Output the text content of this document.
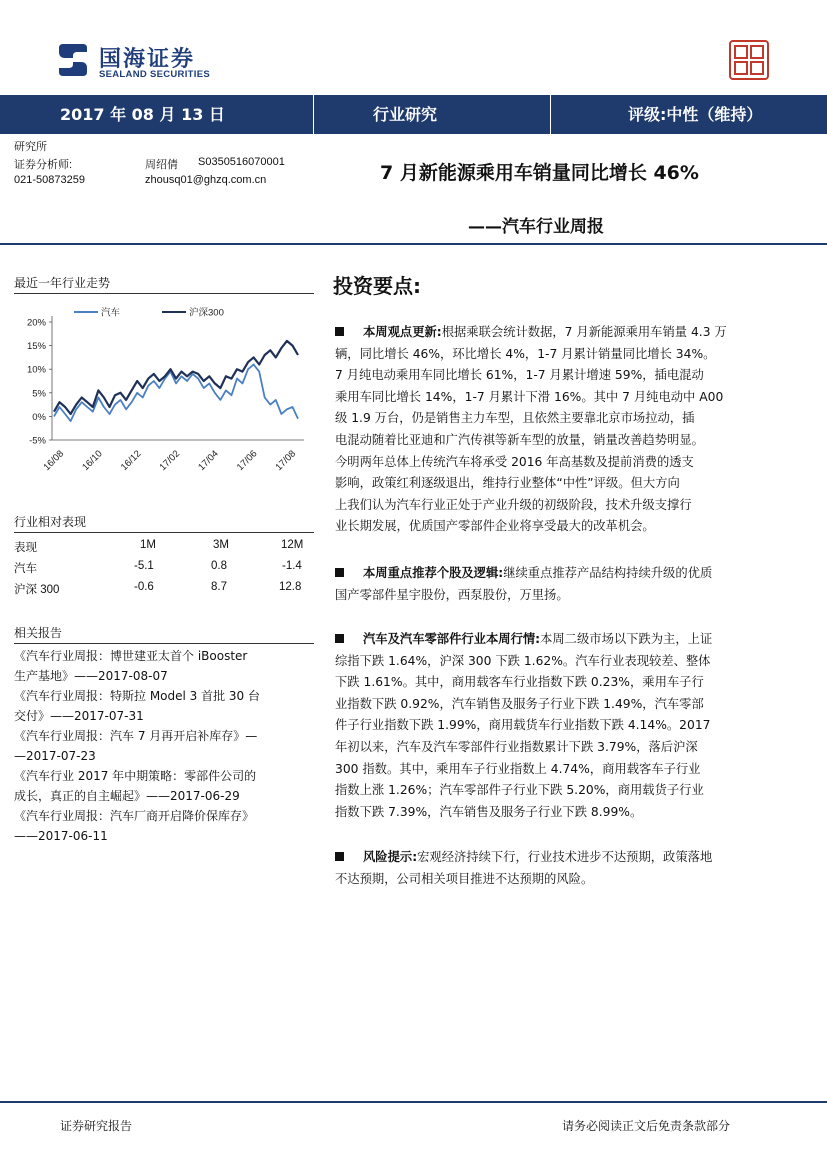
国海证券
SEALAND SECURITIES
2017 年 08 月 13 日	行业研究	评级:中性（维持）
研究所
证券分析师:
021-50873259
周绍倩 S0350516070001
zhousq01@ghzq.com.cn	7 月新能源乘用车销量同比增长 46%
——汽车行业周报
最近一年行业走势
20%
15%
10%
5%
0%
-5%
16/08 16/10 16/12 17/02 17/04 17/06 17/08
汽车	沪深300
行业相对表现
表现	1M	3M	12M
汽车	-5.1	0.8	-1.4
沪深 300	-0.6	8.7	12.8
相关报告

《汽车行业周报：博世建亚太首个 iBooster

生产基地》——2017-08-07

《汽车行业周报：特斯拉 Model 3 首批 30 台

交付》——2017-07-31

《汽车行业周报：汽车 7 月再开启补库存》—

—2017-07-23

《汽车行业 2017 年中期策略：零部件公司的

成长，真正的自主崛起》——2017-06-29

《汽车行业周报：汽车厂商开启降价保库存》

——2017-06-11

投资要点:

本周观点更新:根据乘联会统计数据，7 月新能源乘用车销量 4.3 万

辆，同比增长 46%，环比增长 4%，1-7 月累计销量同比增长 34%。

7 月纯电动乘用车同比增长 61%，1-7 月累计增速 59%，插电混动

乘用车同比增长 14%，1-7 月累计下滑 16%。其中 7 月纯电动中 A00

级 1.9 万台，仍是销售主力车型，且依然主要靠北京市场拉动，插

电混动随着比亚迪和广汽传祺等新车型的放量，销量改善趋势明显。

今明两年总体上传统汽车将承受 2016 年高基数及提前消费的透支

影响，政策红利逐级退出，维持行业整体“中性”评级。但大方向

上我们认为汽车行业正处于产业升级的初级阶段，技术升级支撑行

业长期发展，优质国产零部件企业将享受最大的改革机会。

本周重点推荐个股及逻辑:继续重点推荐产品结构持续升级的优质

国产零部件星宇股份，西泵股份，万里扬。

汽车及汽车零部件行业本周行情:本周二级市场以下跌为主，上证

综指下跌 1.64%，沪深 300 下跌 1.62%。汽车行业表现较差、整体

下跌 1.61%。其中，商用载客车行业指数下跌 0.23%，乘用车子行

业指数下跌 0.92%，汽车销售及服务子行业下跌 1.49%，汽车零部

件子行业指数下跌 1.99%，商用载货车行业指数下跌 4.14%。2017

年初以来，汽车及汽车零部件行业指数累计下跌 3.79%，落后沪深

300 指数。其中，乘用车子行业指数上 4.74%，商用载客车子行业

指数上涨 1.26%；汽车零部件子行业下跌 5.20%，商用载货子行业

指数下跌 7.39%，汽车销售及服务子行业下跌 8.99%。

风险提示:宏观经济持续下行，行业技术进步不达预期，政策落地

不达预期，公司相关项目推进不达预期的风险。

证券研究报告	请务必阅读正文后免责条款部分
